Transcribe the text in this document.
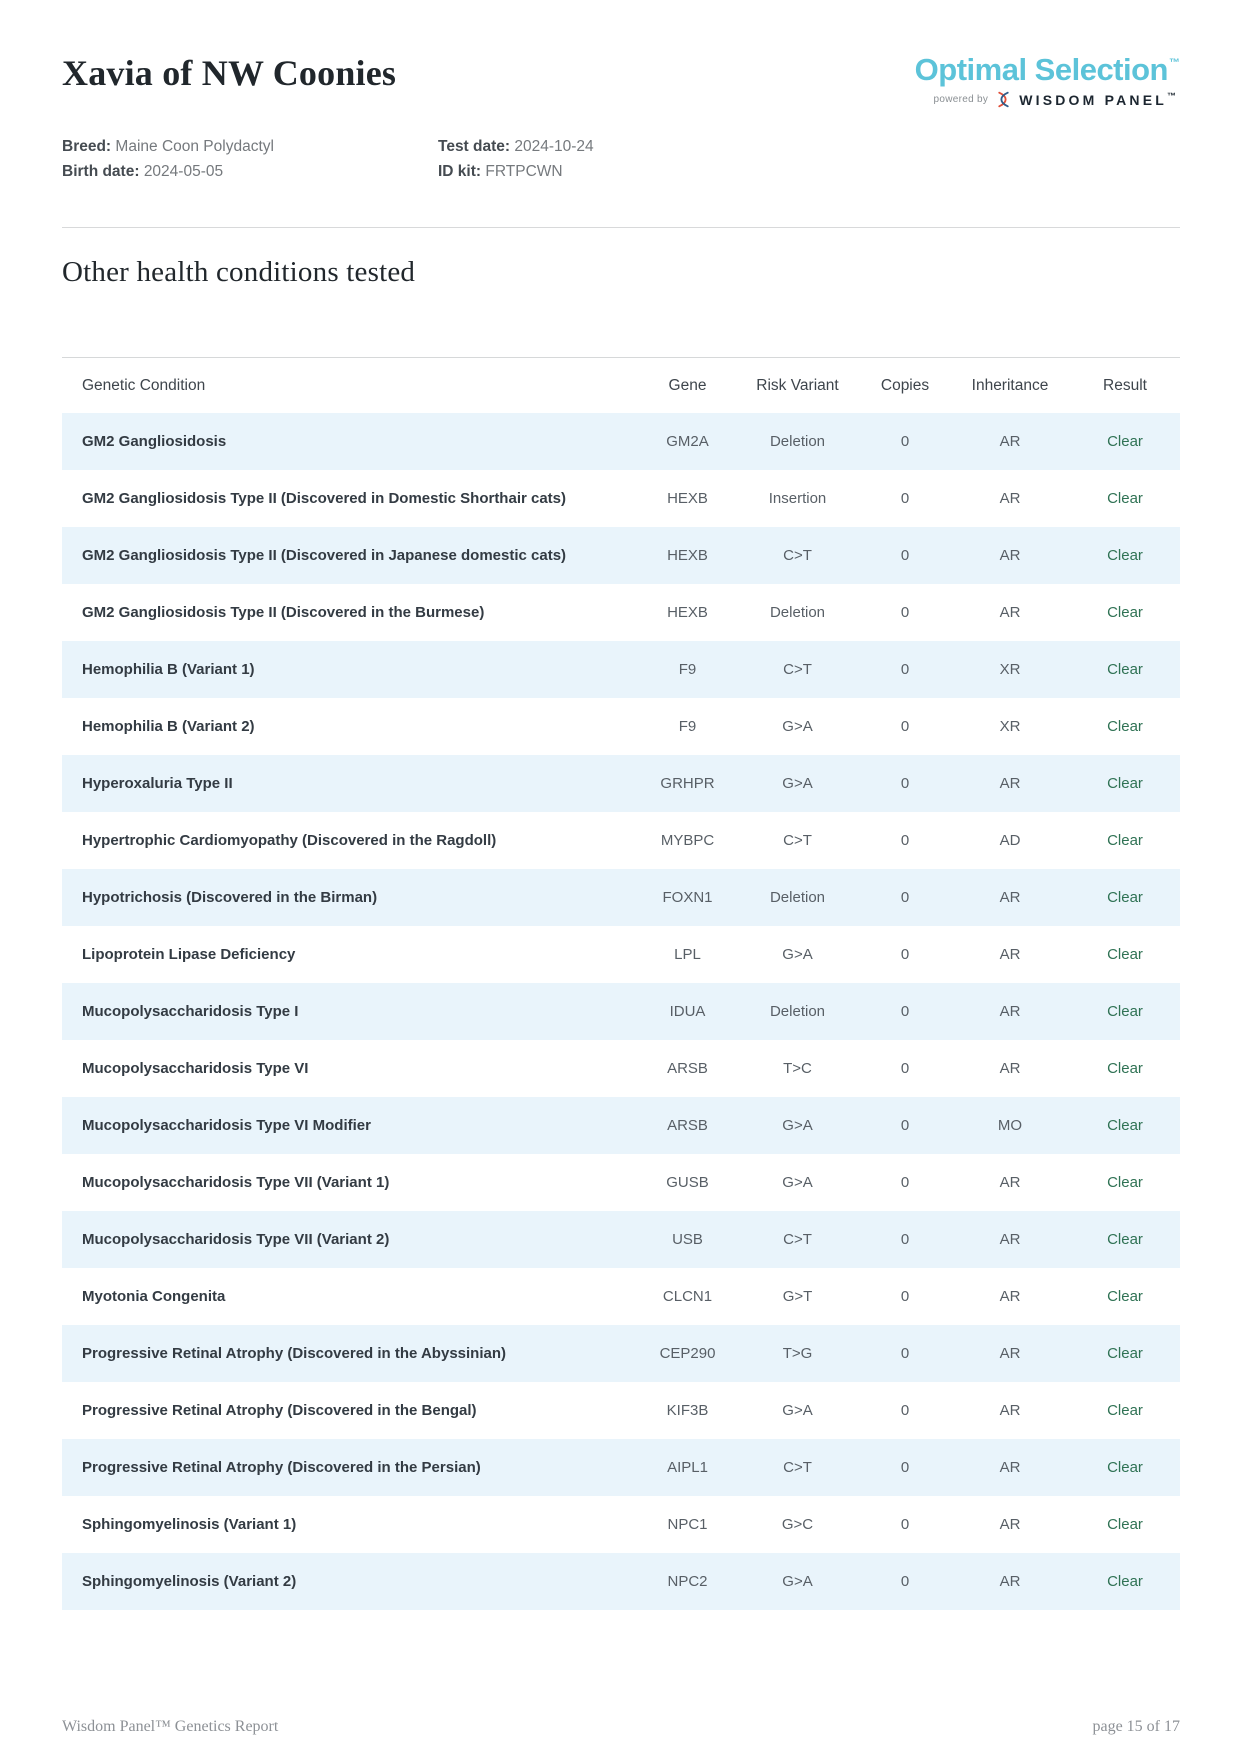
Xavia of NW Coonies	Optimal Selection™
powered by WISDOM PANEL™
Breed: Maine Coon Polydactyl	Test date: 2024-10-24
Birth date: 2024-05-05	ID kit: FRTPCWN
Other health conditions tested
Genetic Condition	Gene	Risk Variant	Copies	Inheritance	Result
GM2 Gangliosidosis	GM2A	Deletion	0	AR	Clear
GM2 Gangliosidosis Type II (Discovered in Domestic Shorthair cats)	HEXB	Insertion	0	AR	Clear
GM2 Gangliosidosis Type II (Discovered in Japanese domestic cats)	HEXB	C>T	0	AR	Clear
GM2 Gangliosidosis Type II (Discovered in the Burmese)	HEXB	Deletion	0	AR	Clear
Hemophilia B (Variant 1)	F9	C>T	0	XR	Clear
Hemophilia B (Variant 2)	F9	G>A	0	XR	Clear
Hyperoxaluria Type II	GRHPR	G>A	0	AR	Clear
Hypertrophic Cardiomyopathy (Discovered in the Ragdoll)	MYBPC	C>T	0	AD	Clear
Hypotrichosis (Discovered in the Birman)	FOXN1	Deletion	0	AR	Clear
Lipoprotein Lipase Deficiency	LPL	G>A	0	AR	Clear
Mucopolysaccharidosis Type I	IDUA	Deletion	0	AR	Clear
Mucopolysaccharidosis Type VI	ARSB	T>C	0	AR	Clear
Mucopolysaccharidosis Type VI Modifier	ARSB	G>A	0	MO	Clear
Mucopolysaccharidosis Type VII (Variant 1)	GUSB	G>A	0	AR	Clear
Mucopolysaccharidosis Type VII (Variant 2)	USB	C>T	0	AR	Clear
Myotonia Congenita	CLCN1	G>T	0	AR	Clear
Progressive Retinal Atrophy (Discovered in the Abyssinian)	CEP290	T>G	0	AR	Clear
Progressive Retinal Atrophy (Discovered in the Bengal)	KIF3B	G>A	0	AR	Clear
Progressive Retinal Atrophy (Discovered in the Persian)	AIPL1	C>T	0	AR	Clear
Sphingomyelinosis (Variant 1)	NPC1	G>C	0	AR	Clear
Sphingomyelinosis (Variant 2)	NPC2	G>A	0	AR	Clear
Wisdom Panel™ Genetics Report	page 15 of 17
